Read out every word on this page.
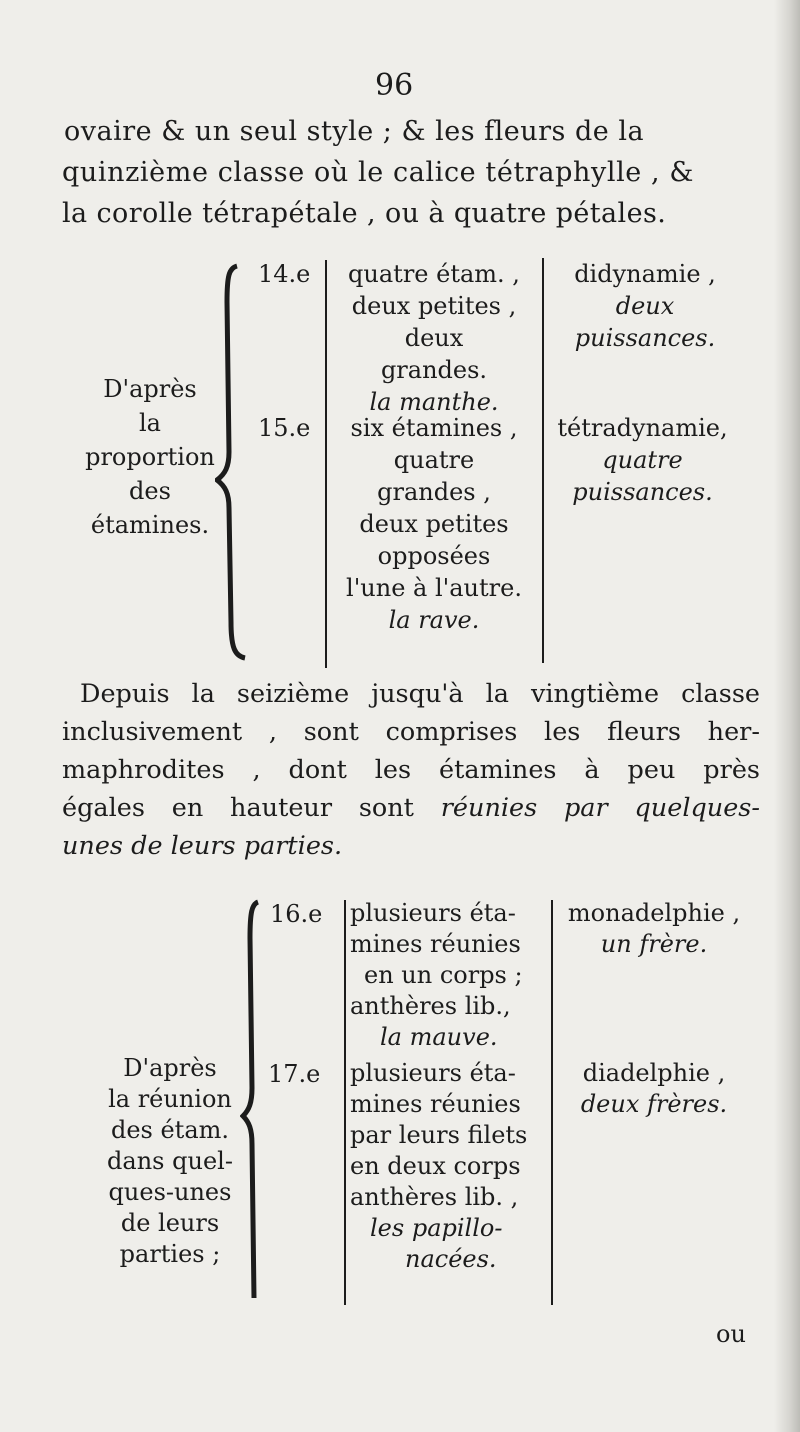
96
ovaire & un seul style ; & les fleurs de la
quinzième classe où le calice tétraphylle , &
la corolle tétrapétale , ou à quatre pétales.
D'après
la
proportion
des
étamines.
14.e
15.e
quatre étam. ,
deux petites ,
deux
grandes.
la manthe.
six étamines ,
quatre
grandes ,
deux petites
opposées
l'une à l'autre.
la rave.
didynamie ,
deux
puissances.
tétradynamie,
quatre
puissances.
Depuis la seizième jusqu'à la vingtième classe
inclusivement , sont comprises les fleurs her-
maphrodites , dont les étamines à peu près
égales en hauteur sont réunies par quelques-
unes de leurs parties.
D'après
la réunion
des étam.
dans quel-
ques-unes
de leurs
parties ;
16.e
17.e
plusieurs éta-
mines réunies
en un corps ;
anthères lib.,
la mauve.
plusieurs éta-
mines réunies
par leurs filets
en deux corps
anthères lib. ,
les papillo-
nacées.
monadelphie ,
un frère.
diadelphie ,
deux frères.
ou
